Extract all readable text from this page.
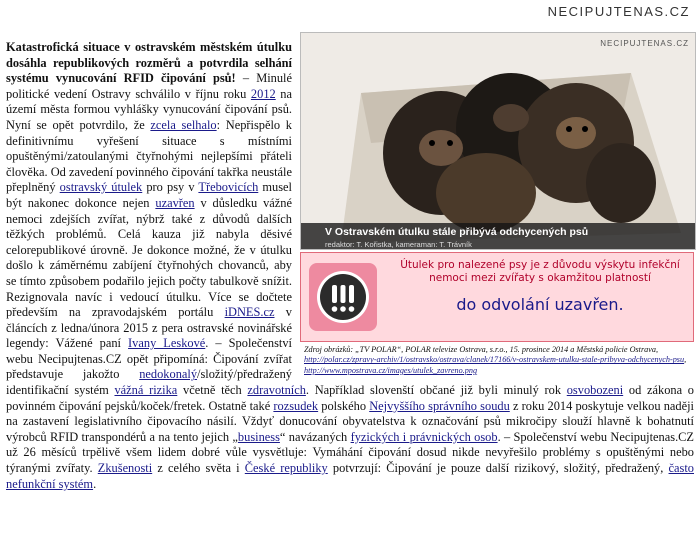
NECIPUJTENAS.CZ
NECIPUJTENAS.CZ
V Ostravském útulku stále přibývá odchycených psů
redaktor: T. Kořistka, kameraman: T. Trávník
Útulek pro nalezené psy je z důvodu výskytu infekční nemoci mezi zvířaty s okamžitou platností
do odvolání uzavřen.
Zdroj obrázků: „TV POLAR“, POLAR televize Ostrava, s.r.o., 15. prosince 2014 a Městská policie Ostrava, http://polar.cz/zpravy-archiv/1/ostravsko/ostrava/clanek/17166/v-ostravskem-utulku-stale-pribyva-odchycenych-psu, http://www.mpostrava.cz/images/utulek_zavreno.png
Katastrofická situace v ostravském městském útulku dosáhla republikových rozměrů a potvrdila selhání systému vynucování RFID čipování psů! – Minulé politické vedení Ostravy schválilo v říjnu roku 2012 na území města formou vyhlášky vynucování čipování psů. Nyní se opět potvrdilo, že zcela selhalo: Nepřispělo k definitivnímu vyřešení situace s místními opuštěnými/zatoulanými čtyřnohými nejlepšími přáteli člověka. Od zavedení povinného čipování takřka neustále přeplněný ostravský útulek pro psy v Třebovicích musel být nakonec dokonce nejen uzavřen v důsledku vážné nemoci zdejších zvířat, nýbrž také z důvodů dalších těžkých problémů. Celá kauza již nabyla děsivé celorepublikové úrovně. Je dokonce možné, že v útulku došlo k záměrnému zabíjení čtyřnohých chovanců, aby se tímto způsobem podařilo jejich počty tabulkově snížit. Rezignovala navíc i vedoucí útulku. Více se dočtete především na zpravodajském portálu iDNES.cz v článcích z ledna/února 2015 z pera ostravské novinářské legendy: Vážené paní Ivany Leskové. – Společenství webu Necipujtenas.CZ opět připomíná: Čipování zvířat představuje jakožto nedokonalý/složitý/předražený identifikační systém vážná rizika včetně těch zdravotních. Například slovenští občané již byli minulý rok osvobozeni od zákona o povinném čipování pejsků/koček/fretek. Ostatně také rozsudek polského Nejvyššího správního soudu z roku 2014 poskytuje velkou naději na zastavení legislativního čipovacího násilí. Vždyť donucování obyvatelstva k označování psů mikročipy slouží hlavně k bohatnutí výrobců RFID transpondérů a na tento jejich „business“ navázaných fyzických i právnických osob. – Společenství webu Necipujtenas.CZ už 26 měsíců trpělivě všem lidem dobré vůle vysvětluje: Vymáhání čipování dosud nikde nevyřešilo problémy s opuštěnými nebo týranými zvířaty. Zkušenosti z celého světa i České republiky potvrzují: Čipování je pouze další rizikový, složitý, předražený, často nefunkční systém.
